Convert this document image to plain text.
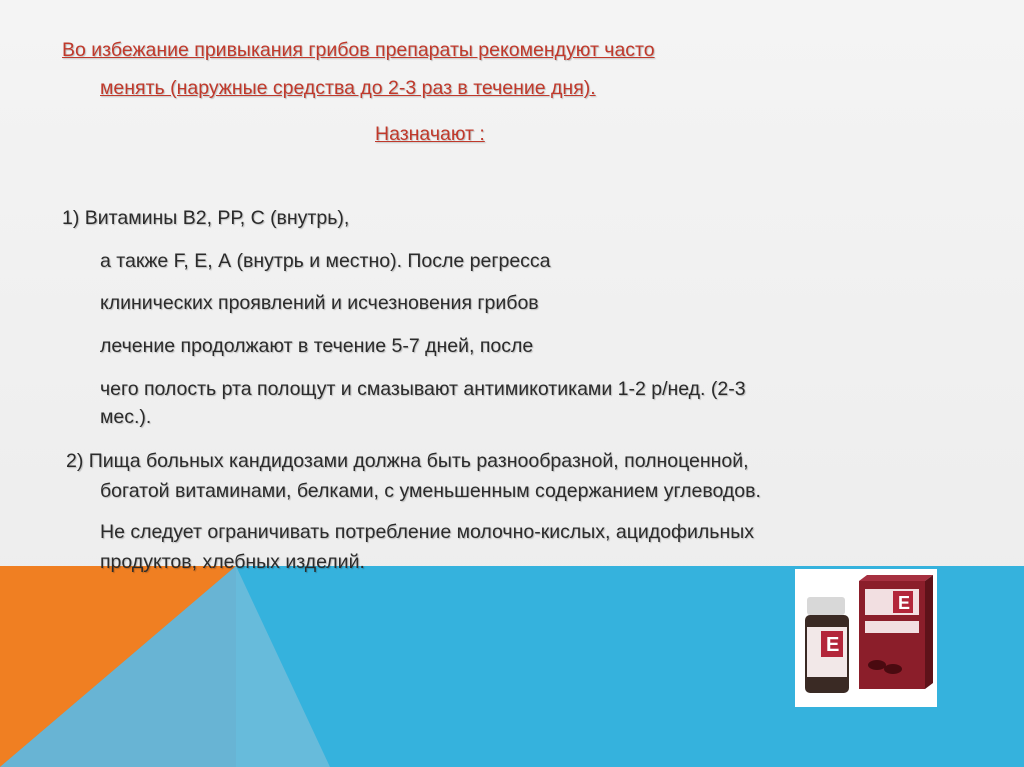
Во избежание привыкания грибов препараты рекомендуют часто
менять (наружные средства до 2-3 раз в течение дня).
Назначают :
1) Витамины В2, РР, С (внутрь),
а также F, Е, А (внутрь и местно). После регресса
клинических проявлений и исчезновения грибов
лечение продолжают в течение 5-7 дней, после
чего полость рта полощут и смазывают антимикотиками 1-2 р/нед. (2-3
мес.).
2) Пища больных кандидозами должна быть разнообразной, полноценной,
богатой витаминами, белками, с уменьшенным содержанием углеводов.
Не следует ограничивать потребление молочно-кислых, ацидофильных
продуктов, хлебных изделий.
E
E
